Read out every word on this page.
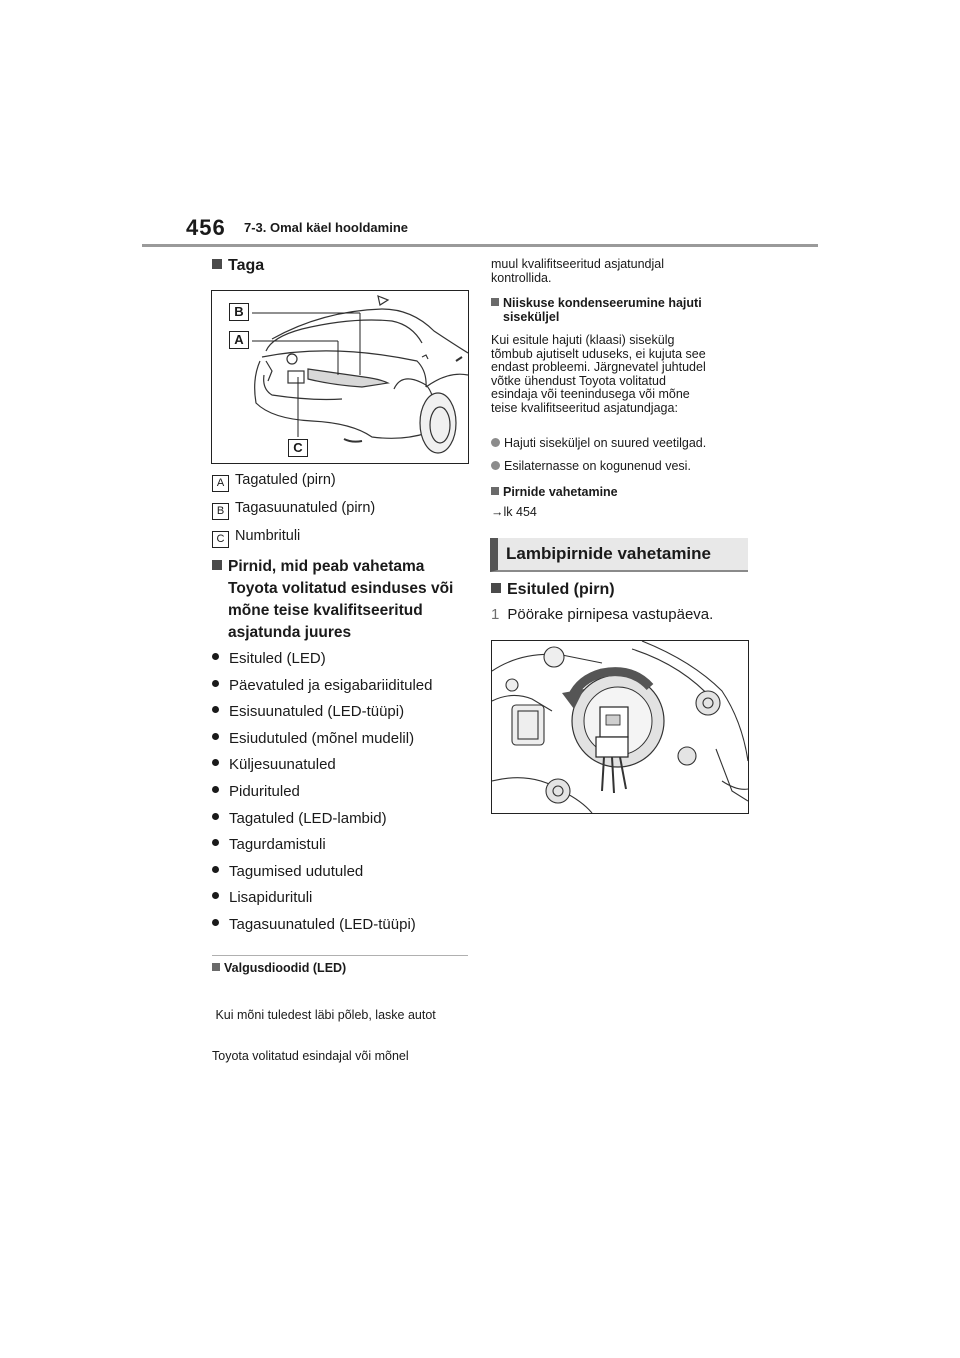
456 7-3. Omal käel hooldamine
Taga
B
A
C
A Tagatuled (pirn)
B Tagasuunatuled (pirn)
C Numbrituli
Pirnid, mid peab vahetama
Toyota volitatud esinduses või
mõne teise kvalifitseeritud
asjatunda juures
Esituled (LED)
Päevatuled ja esigabariidituled
Esisuunatuled (LED-tüüpi)
Esiudutuled (mõnel mudelil)
Küljesuunatuled
Pidurituled
Tagatuled (LED-lambid)
Tagurdamistuli
Tagumised udutuled
Lisapidurituli
Tagasuunatuled (LED-tüüpi)
Valgusdioodid (LED)

Kui mõni tuledest läbi põleb, laske autot

Toyota volitatud esindajal või mõnel

muul kvalifitseeritud asjatundjal
kontrollida.
Niiskuse kondenseerumine hajuti
siseküljel
Kui esitule hajuti (klaasi) sisekülg
tõmbub ajutiselt uduseks, ei kujuta see
endast probleemi. Järgnevatel juhtudel
võtke ühendust Toyota volitatud
esindaja või teenindusega või mõne
teise kvalifitseeritud asjatundjaga:
Hajuti siseküljel on suured veetilgad.
Esilaternasse on kogunenud vesi.
Pirnide vahetamine
→lk 454
Lambipirnide vahetamine
Esituled (pirn)
1 Pöörake pirnipesa vastupäeva.
